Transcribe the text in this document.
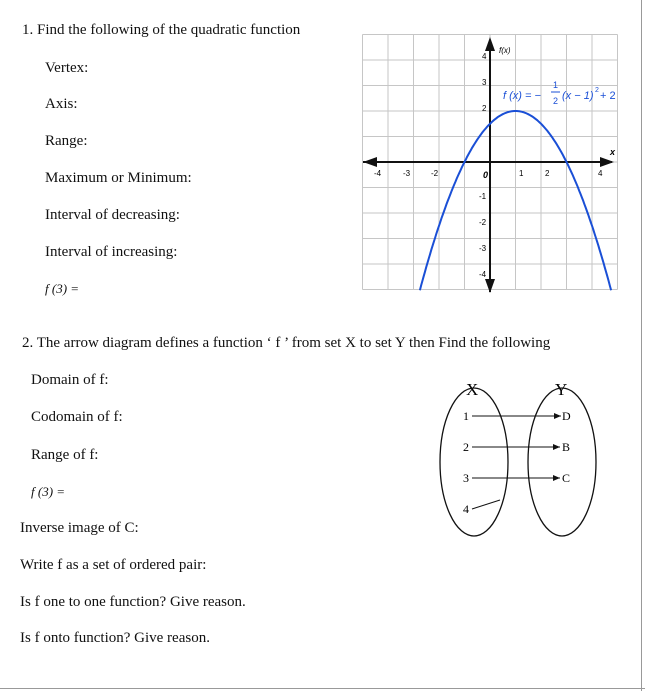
1. Find the following of the quadratic function
Vertex:
Axis:
Range:
Maximum or Minimum:
Interval of decreasing:
Interval of increasing:
f (3) =
f(x)
x
0
-4	-3	-2	1	2	4
4
3
2
-1
-2
-3
-4
f (x) = −
1
2 (x − 1) 2 + 2
2. The arrow diagram defines a function ‘ f ’ from set X to set Y then Find the following
Domain of f:
Codomain of f:
Range of f:
f (3) =
Inverse image of C:
Write f as a set of ordered pair:
Is f one to one function? Give reason.
Is f onto function? Give reason.
X	Y
1
2
3
4
D
B
C
